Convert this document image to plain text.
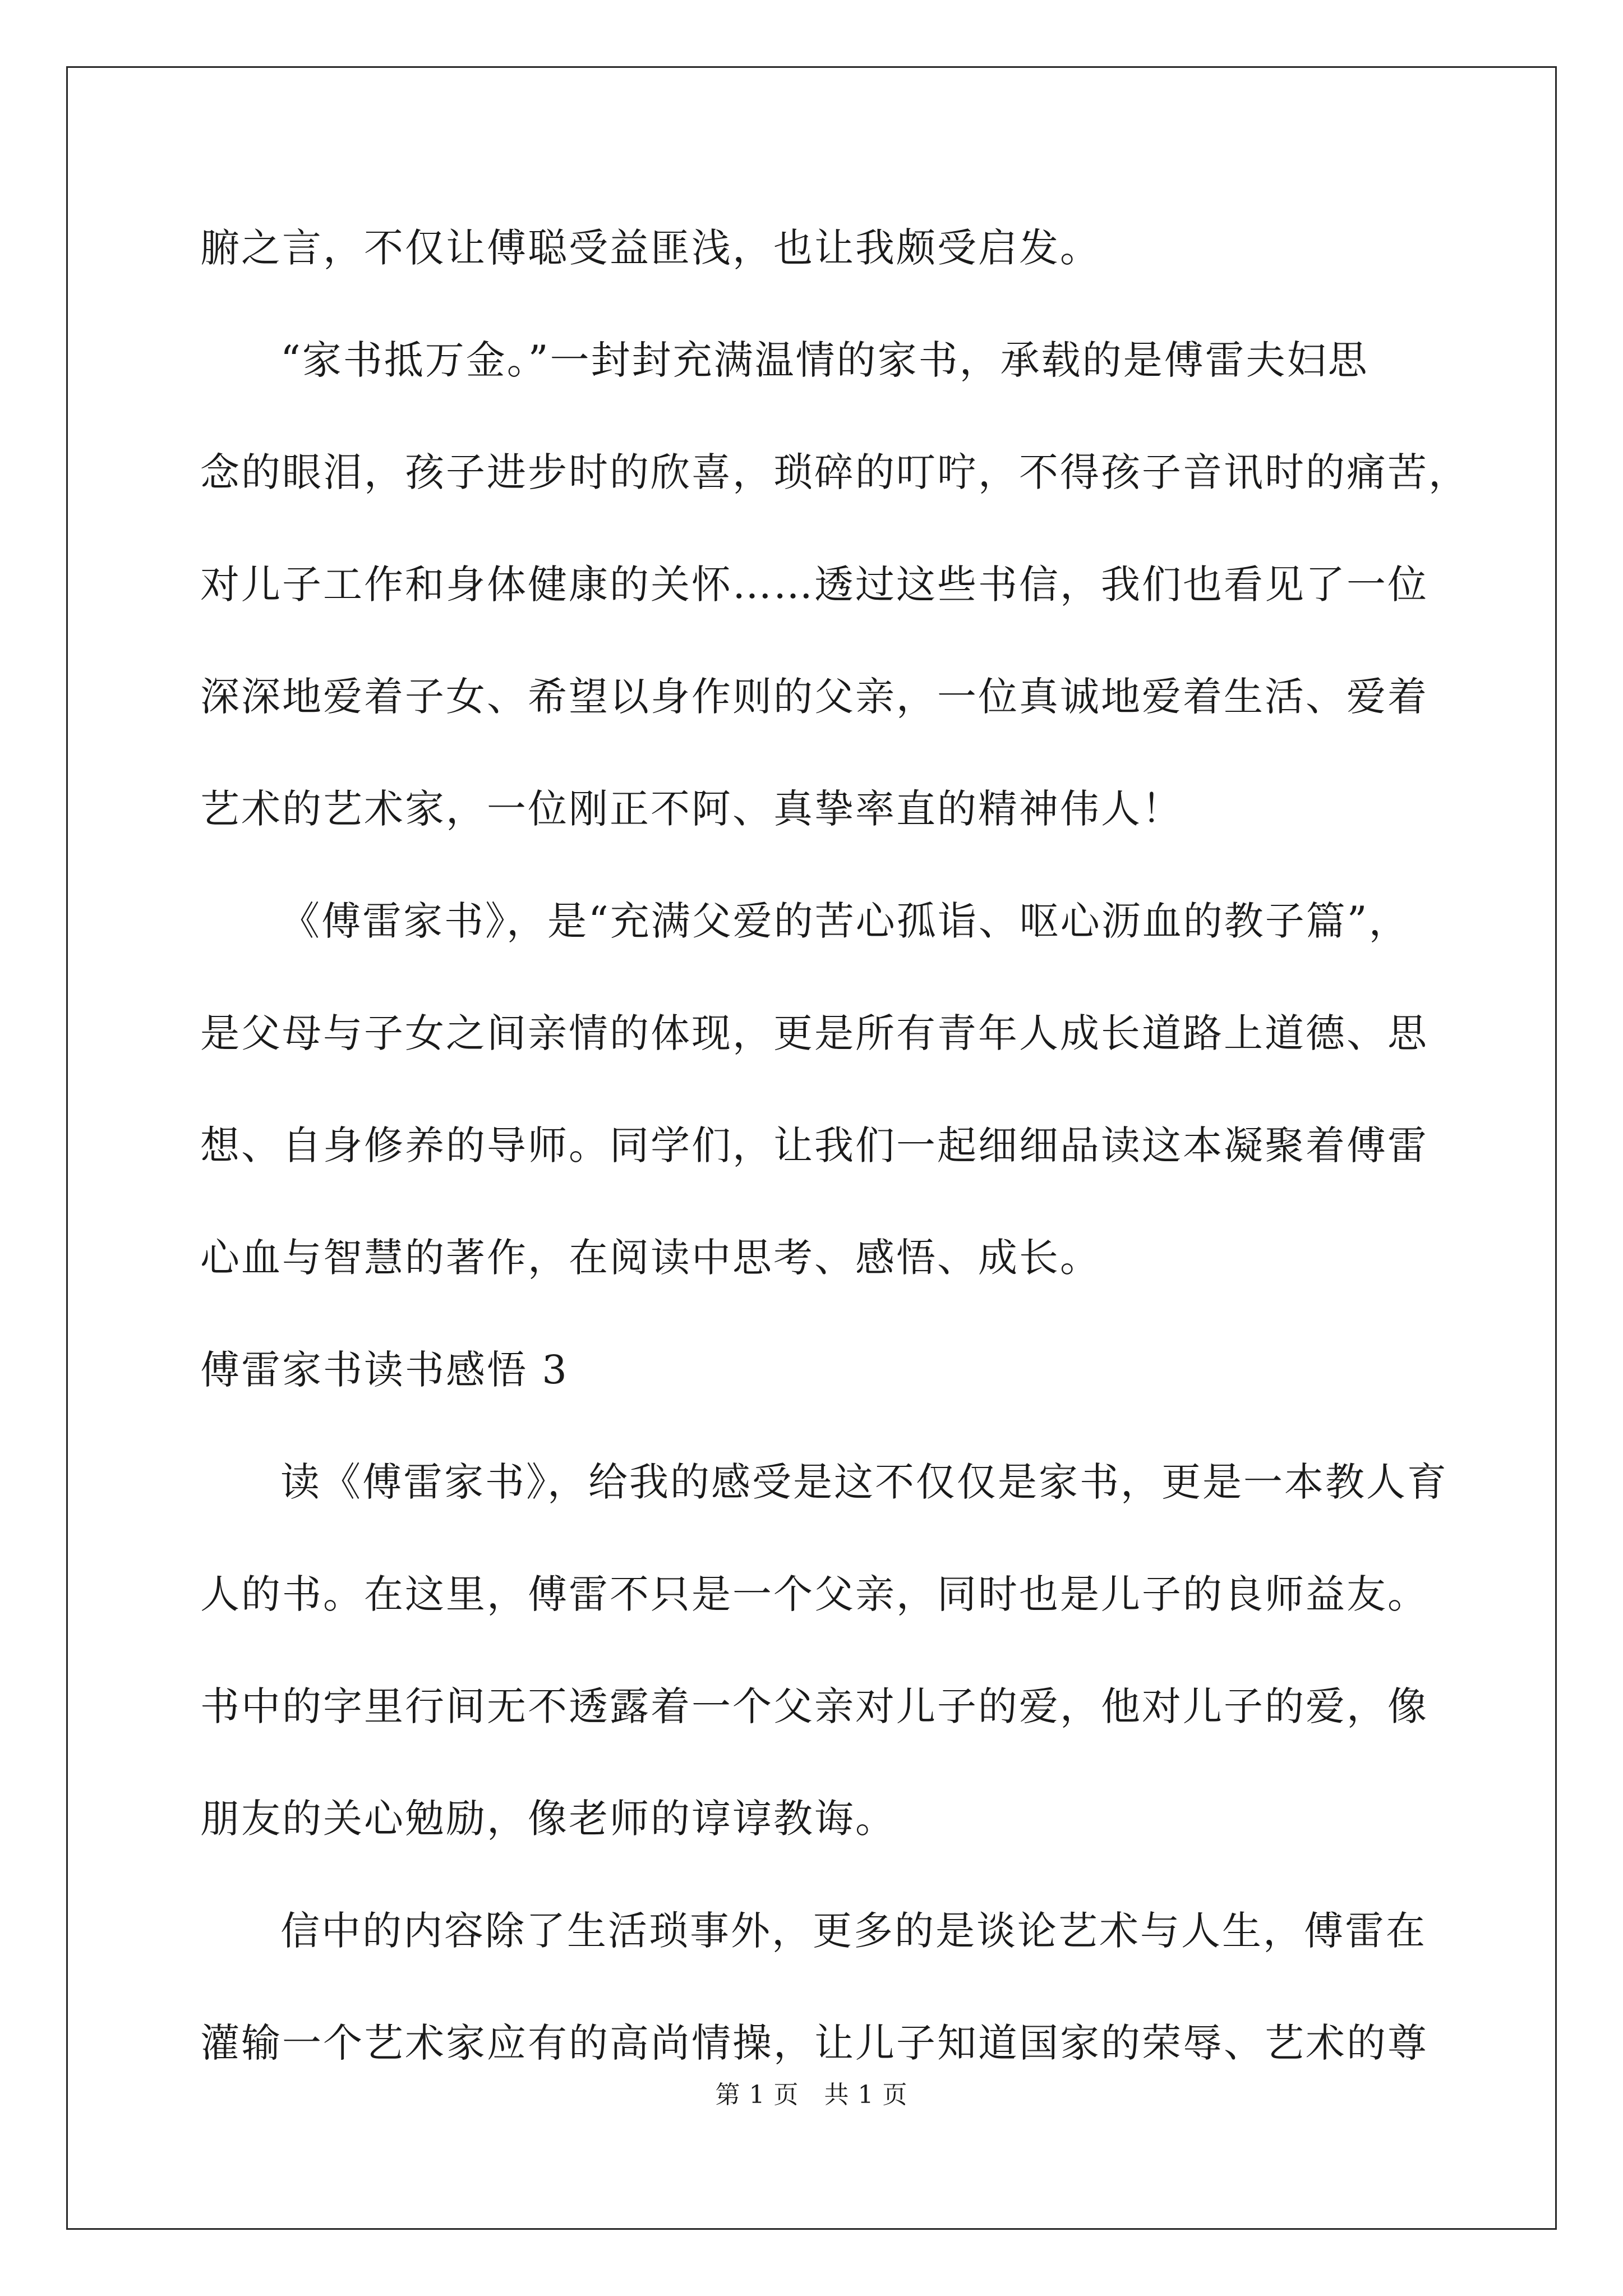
腑之言，不仅让傅聪受益匪浅，也让我颇受启发。
“家书抵万金。”一封封充满温情的家书，承载的是傅雷夫妇思
念的眼泪，孩子进步时的欣喜，琐碎的叮咛，不得孩子音讯时的痛苦，
对儿子工作和身体健康的关怀……透过这些书信，我们也看见了一位
深深地爱着子女、希望以身作则的父亲，一位真诚地爱着生活、爱着
艺术的艺术家，一位刚正不阿、真挚率直的精神伟人！
《傅雷家书》，是“充满父爱的苦心孤诣、呕心沥血的教子篇”，
是父母与子女之间亲情的体现，更是所有青年人成长道路上道德、思
想、自身修养的导师。同学们，让我们一起细细品读这本凝聚着傅雷
心血与智慧的著作，在阅读中思考、感悟、成长。
傅雷家书读书感悟 3
读《傅雷家书》，给我的感受是这不仅仅是家书，更是一本教人育
人的书。在这里，傅雷不只是一个父亲，同时也是儿子的良师益友。
书中的字里行间无不透露着一个父亲对儿子的爱，他对儿子的爱，像
朋友的关心勉励，像老师的谆谆教诲。
信中的内容除了生活琐事外，更多的是谈论艺术与人生，傅雷在
灌输一个艺术家应有的高尚情操，让儿子知道国家的荣辱、艺术的尊
第 1 页   共 1 页
